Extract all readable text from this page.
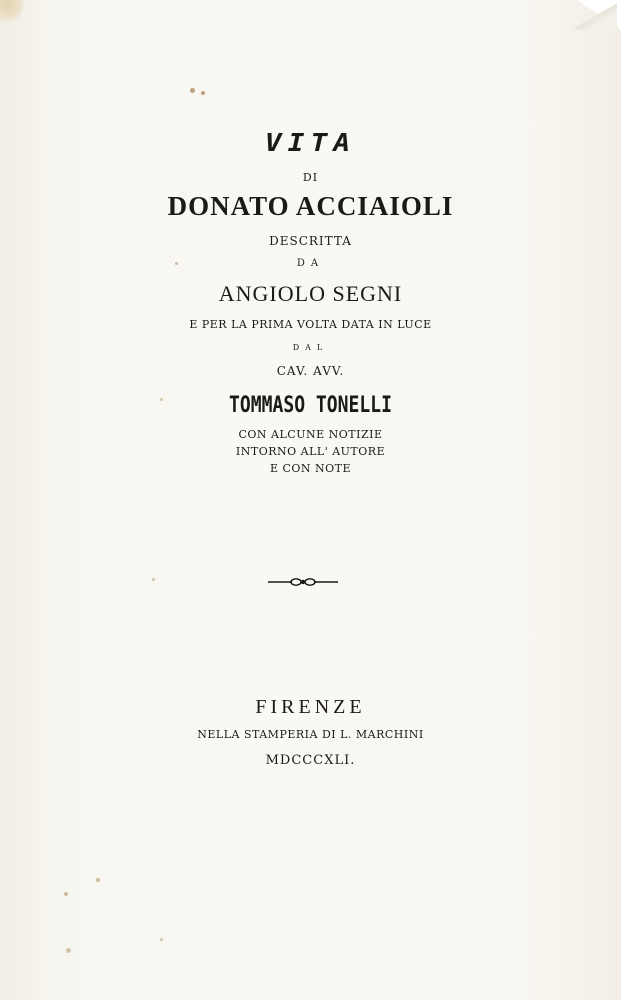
VITA
DI
DONATO ACCIAIOLI
DESCRITTA
DA
ANGIOLO SEGNI
E PER LA PRIMA VOLTA DATA IN LUCE
DAL
CAV. AVV.
TOMMASO TONELLI
CON ALCUNE NOTIZIE
INTORNO ALL' AUTORE
E CON NOTE
FIRENZE
NELLA STAMPERIA DI L. MARCHINI
MDCCCXLI.
